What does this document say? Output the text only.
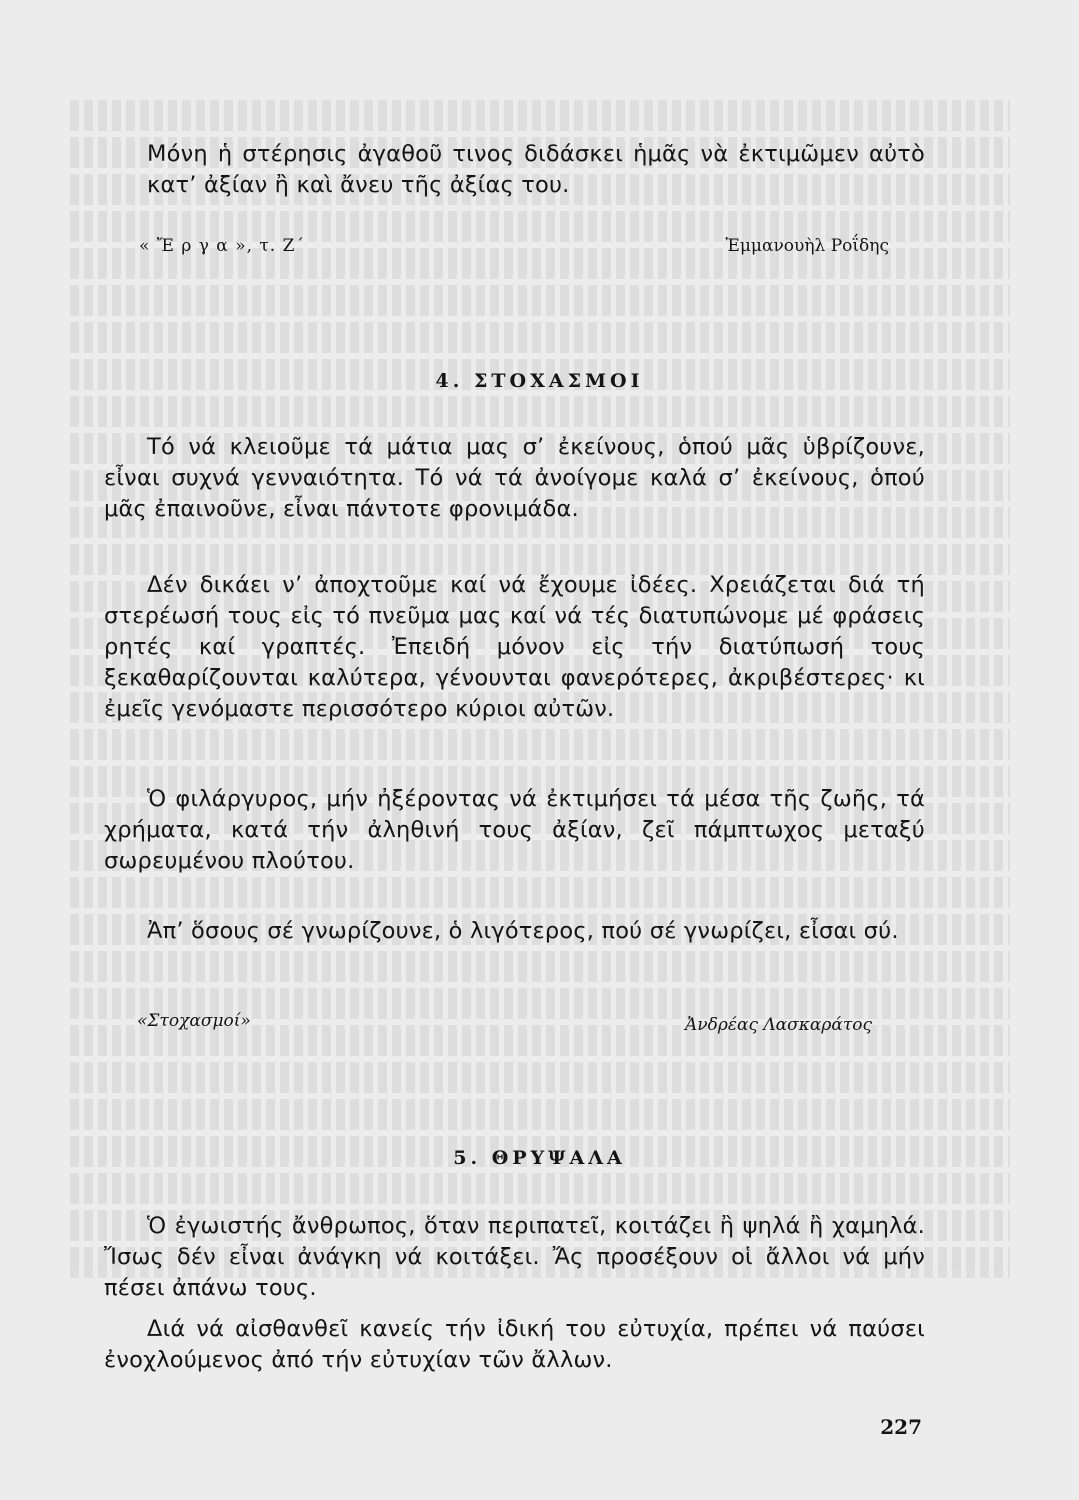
Μόνη ἡ στέρησις ἀγαθοῦ τινος διδάσκει ἡμᾶς νὰ ἐκτιμῶμεν αὐτὸ κατ’ ἀξίαν ἢ καὶ ἄνευ τῆς ἀξίας του.

« Ἔ ρ γ α », τ. Ζ΄	Ἐμμανουὴλ Ροΐδης
4. ΣΤΟΧΑΣΜΟΙ

Τό νά κλειοῦμε τά μάτια μας σ’ ἐκείνους, ὁπού μᾶς ὑβρίζουνε, εἶναι συχνά γενναιότητα. Τό νά τά ἀνοίγομε καλά σ’ ἐκείνους, ὁπού μᾶς ἐπαινοῦνε, εἶναι πάντοτε φρονιμάδα.

Δέν δικάει ν’ ἀποχτοῦμε καί νά ἔχουμε ἰδέες. Χρειάζεται διά τή στερέωσή τους εἰς τό πνεῦμα μας καί νά τές διατυπώνομε μέ φράσεις ρητές καί γραπτές. Ἐπειδή μόνον εἰς τήν διατύπωσή τους ξεκαθαρίζουνται καλύτερα, γένουνται φανερότερες, ἀκριβέστερες· κι ἐμεῖς γενόμαστε περισσότερο κύριοι αὐτῶν.

Ὁ φιλάργυρος, μήν ἠξέροντας νά ἐκτιμήσει τά μέσα τῆς ζωῆς, τά χρήματα, κατά τήν ἀληθινή τους ἀξίαν, ζεῖ πάμπτωχος μεταξύ σωρευμένου πλούτου.

Ἀπ’ ὅσους σέ γνωρίζουνε, ὁ λιγότερος, πού σέ γνωρίζει, εἶσαι σύ.

«Στοχασμοί»	Ἀνδρέας Λασκαράτος
5. ΘΡΥΨΑΛΑ

Ὁ ἐγωιστής ἄνθρωπος, ὅταν περιπατεῖ, κοιτάζει ἢ ψηλά ἢ χαμηλά. Ἴσως δέν εἶναι ἀνάγκη νά κοιτάξει. Ἄς προσέξουν οἱ ἄλλοι νά μήν πέσει ἀπάνω τους.

Διά νά αἰσθανθεῖ κανείς τήν ἰδική του εὐτυχία, πρέπει νά παύσει ἐνοχλούμενος ἀπό τήν εὐτυχίαν τῶν ἄλλων.

227
